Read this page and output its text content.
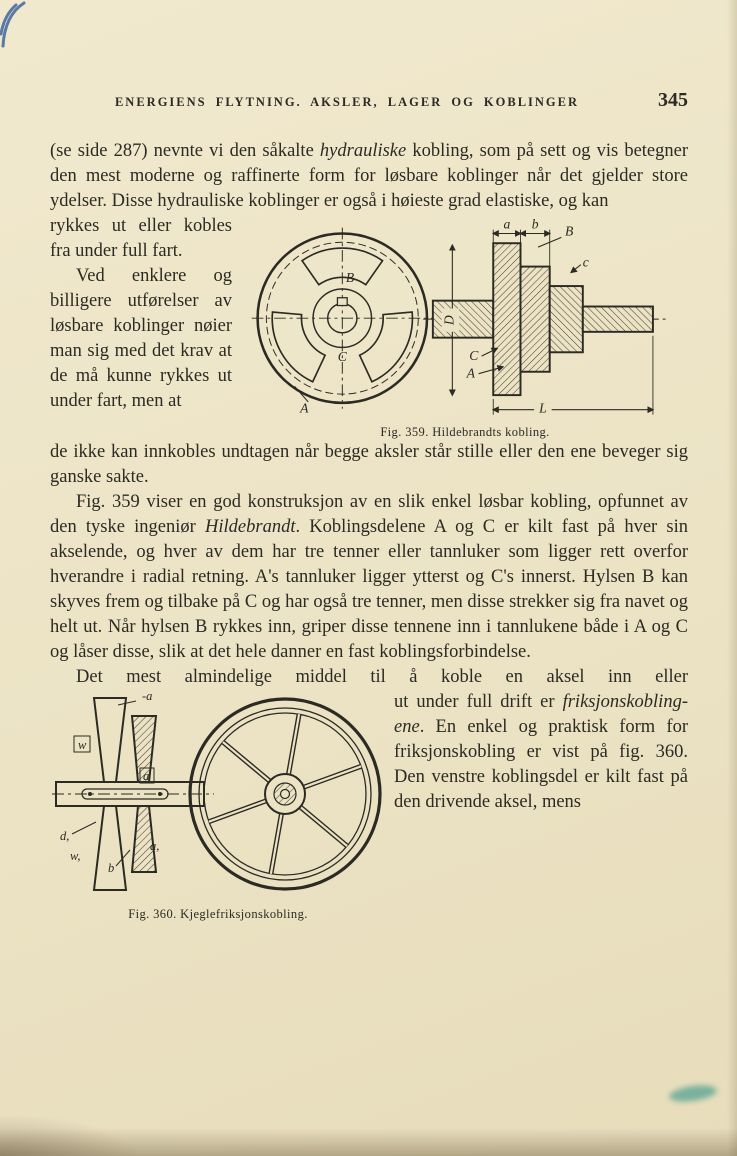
ENERGIENS FLYTNING. AKSLER, LAGER OG KOBLINGER	345

(se side 287) nevnte vi den såkalte hydrauliske kobling, som på sett og vis betegner den mest moderne og raffinerte form for løsbare koblinger når det gjelder store ydelser. Disse hydrauliske koblinger er også i høieste grad elastiske, og kan

rykkes ut eller kobles fra under full fart.

Ved enklere og billigere utførelser av løsbare koblinger nøier man sig med det krav at de må kunne rykkes ut under fart, men at

B
C
A
a b B
c
C
A
D
L
Fig. 359. Hildebrandts kobling.

de ikke kan innkobles undtagen når begge aksler står stille eller den ene beveger sig ganske sakte.

Fig. 359 viser en god konstruksjon av en slik enkel løsbar kobling, opfunnet av den tyske ingeniør Hildebrandt. Koblingsdelene A og C er kilt fast på hver sin akselende, og hver av dem har tre tenner eller tannluker som ligger rett overfor hverandre i radial retning. A's tannluker ligger ytterst og C's innerst. Hylsen B kan skyves frem og tilbake på C og har også tre tenner, men disse strekker sig fra navet og helt ut. Når hylsen B rykkes inn, griper disse tennene inn i tannlukene både i A og C og låser disse, slik at det hele danner en fast koblingsforbindelse.

Det mest almindelige middel til å koble en aksel inn eller

-a
w
a
d,
w,
a,
b
Fig. 360. Kjeglefriksjonskobling.

ut under full drift er friksjonskoblingene. En enkel og praktisk form for friksjonskobling er vist på fig. 360. Den venstre koblingsdel er kilt fast på den drivende aksel, mens
